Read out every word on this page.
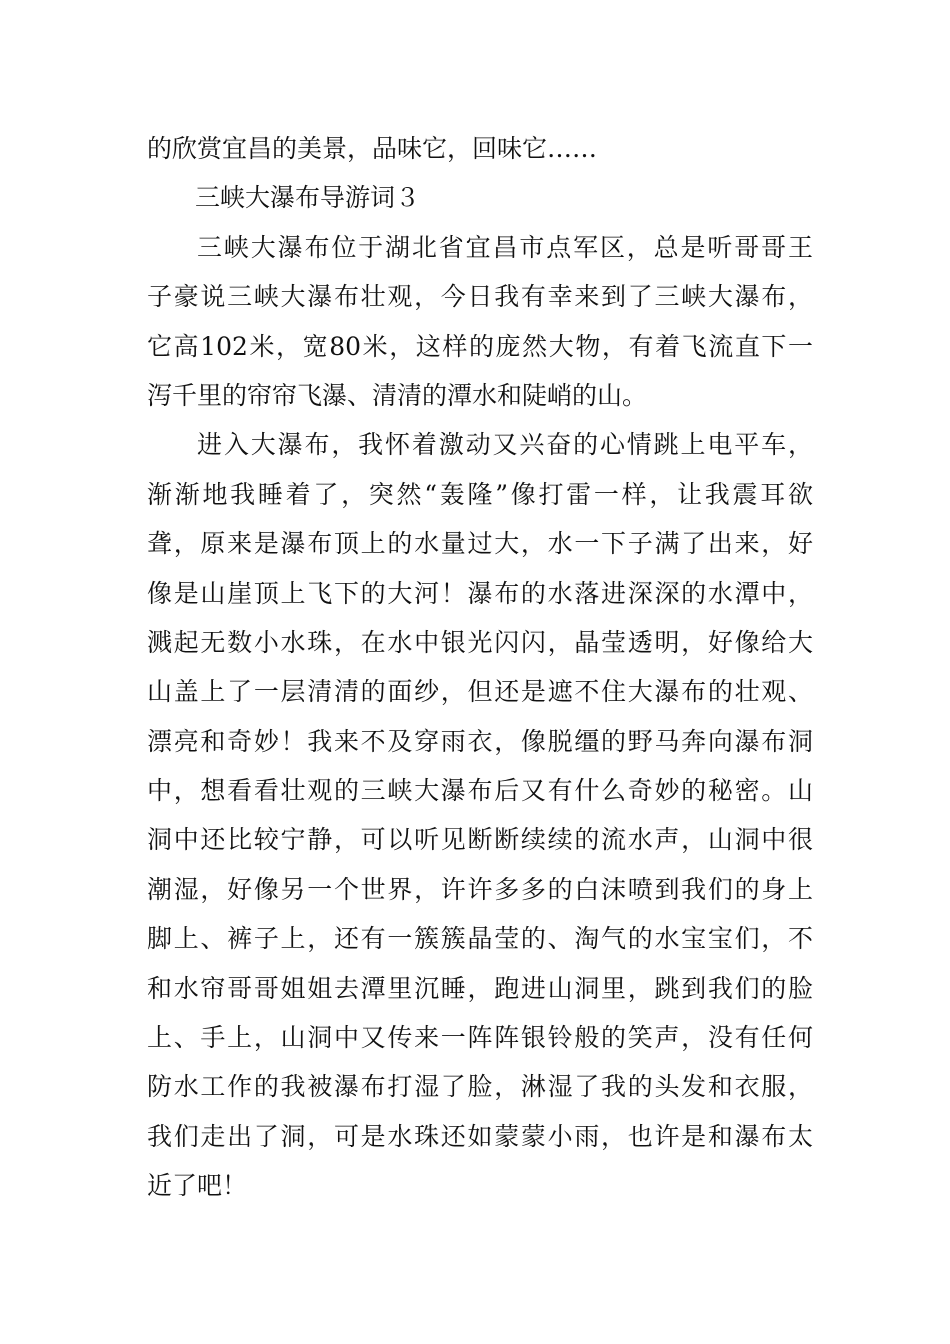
的欣赏宜昌的美景，品味它，回味它……
三峡大瀑布导游词３
三峡大瀑布位于湖北省宜昌市点军区，总是听哥哥王
子豪说三峡大瀑布壮观，今日我有幸来到了三峡大瀑布，
它高102米，宽80米，这样的庞然大物，有着飞流直下一
泻千里的帘帘飞瀑、清清的潭水和陡峭的山。
进入大瀑布，我怀着激动又兴奋的心情跳上电平车，
渐渐地我睡着了，突然“轰隆”像打雷一样，让我震耳欲
聋，原来是瀑布顶上的水量过大，水一下子满了出来，好
像是山崖顶上飞下的大河！瀑布的水落进深深的水潭中，
溅起无数小水珠，在水中银光闪闪，晶莹透明，好像给大
山盖上了一层清清的面纱，但还是遮不住大瀑布的壮观、
漂亮和奇妙！我来不及穿雨衣，像脱缰的野马奔向瀑布洞
中，想看看壮观的三峡大瀑布后又有什么奇妙的秘密。山
洞中还比较宁静，可以听见断断续续的流水声，山洞中很
潮湿，好像另一个世界，许许多多的白沫喷到我们的身上
脚上、裤子上，还有一簇簇晶莹的、淘气的水宝宝们，不
和水帘哥哥姐姐去潭里沉睡，跑进山洞里，跳到我们的脸
上、手上，山洞中又传来一阵阵银铃般的笑声，没有任何
防水工作的我被瀑布打湿了脸，淋湿了我的头发和衣服，
我们走出了洞，可是水珠还如蒙蒙小雨，也许是和瀑布太
近了吧！
